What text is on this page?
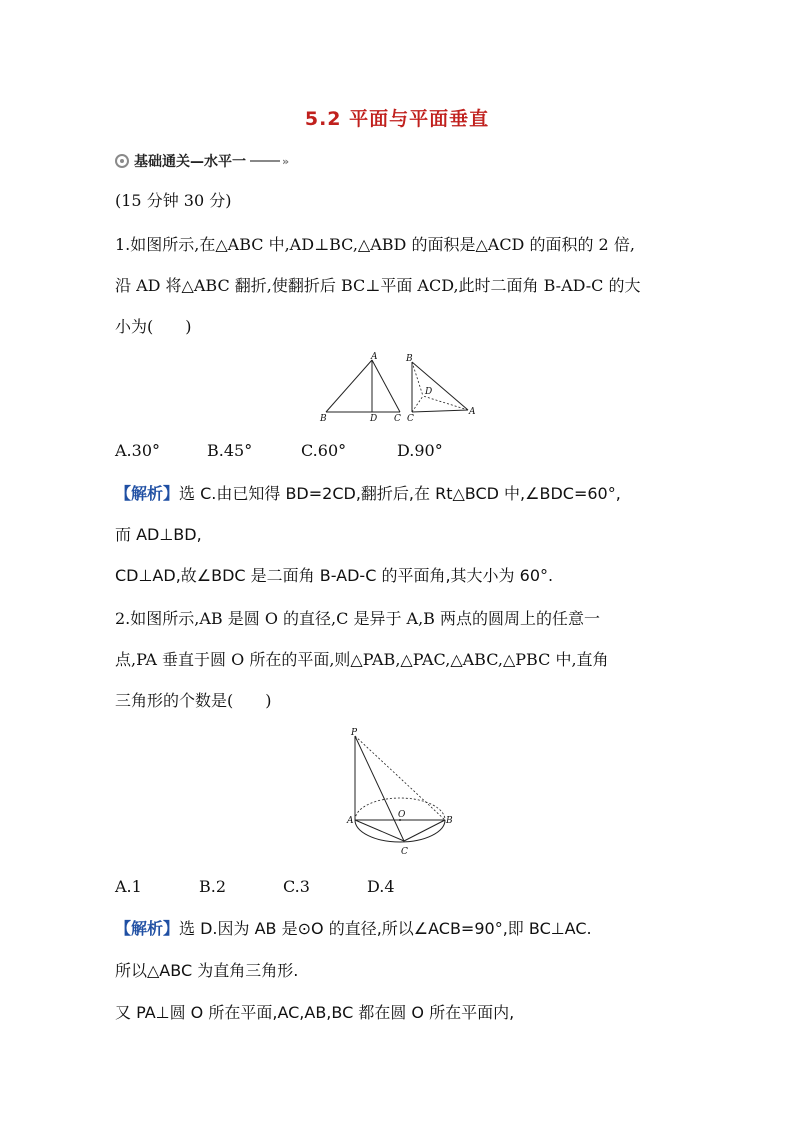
5.2 平面与平面垂直
基础通关—水平一	»
(15 分钟 30 分)
1.如图所示,在△ABC 中,AD⊥BC,△ABD 的面积是△ACD 的面积的 2 倍,
沿 AD 将△ABC 翻折,使翻折后 BC⊥平面 ACD,此时二面角 B-AD-C 的大
小为(　　)
A
B	D C
B
D
C
A
A.30°	B.45°	C.60°	D.90°
【解析】选 C.由已知得 BD=2CD,翻折后,在 Rt△BCD 中,∠BDC=60°,
而 AD⊥BD,
CD⊥AD,故∠BDC 是二面角 B-AD-C 的平面角,其大小为 60°.
2.如图所示,AB 是圆 O 的直径,C 是异于 A,B 两点的圆周上的任意一
点,PA 垂直于圆 O 所在的平面,则△PAB,△PAC,△ABC,△PBC 中,直角
三角形的个数是(　　)
P
A
O
B
C
A.1	B.2	C.3	D.4
【解析】选 D.因为 AB 是⊙O 的直径,所以∠ACB=90°,即 BC⊥AC.
所以△ABC 为直角三角形.
又 PA⊥圆 O 所在平面,AC,AB,BC 都在圆 O 所在平面内,
